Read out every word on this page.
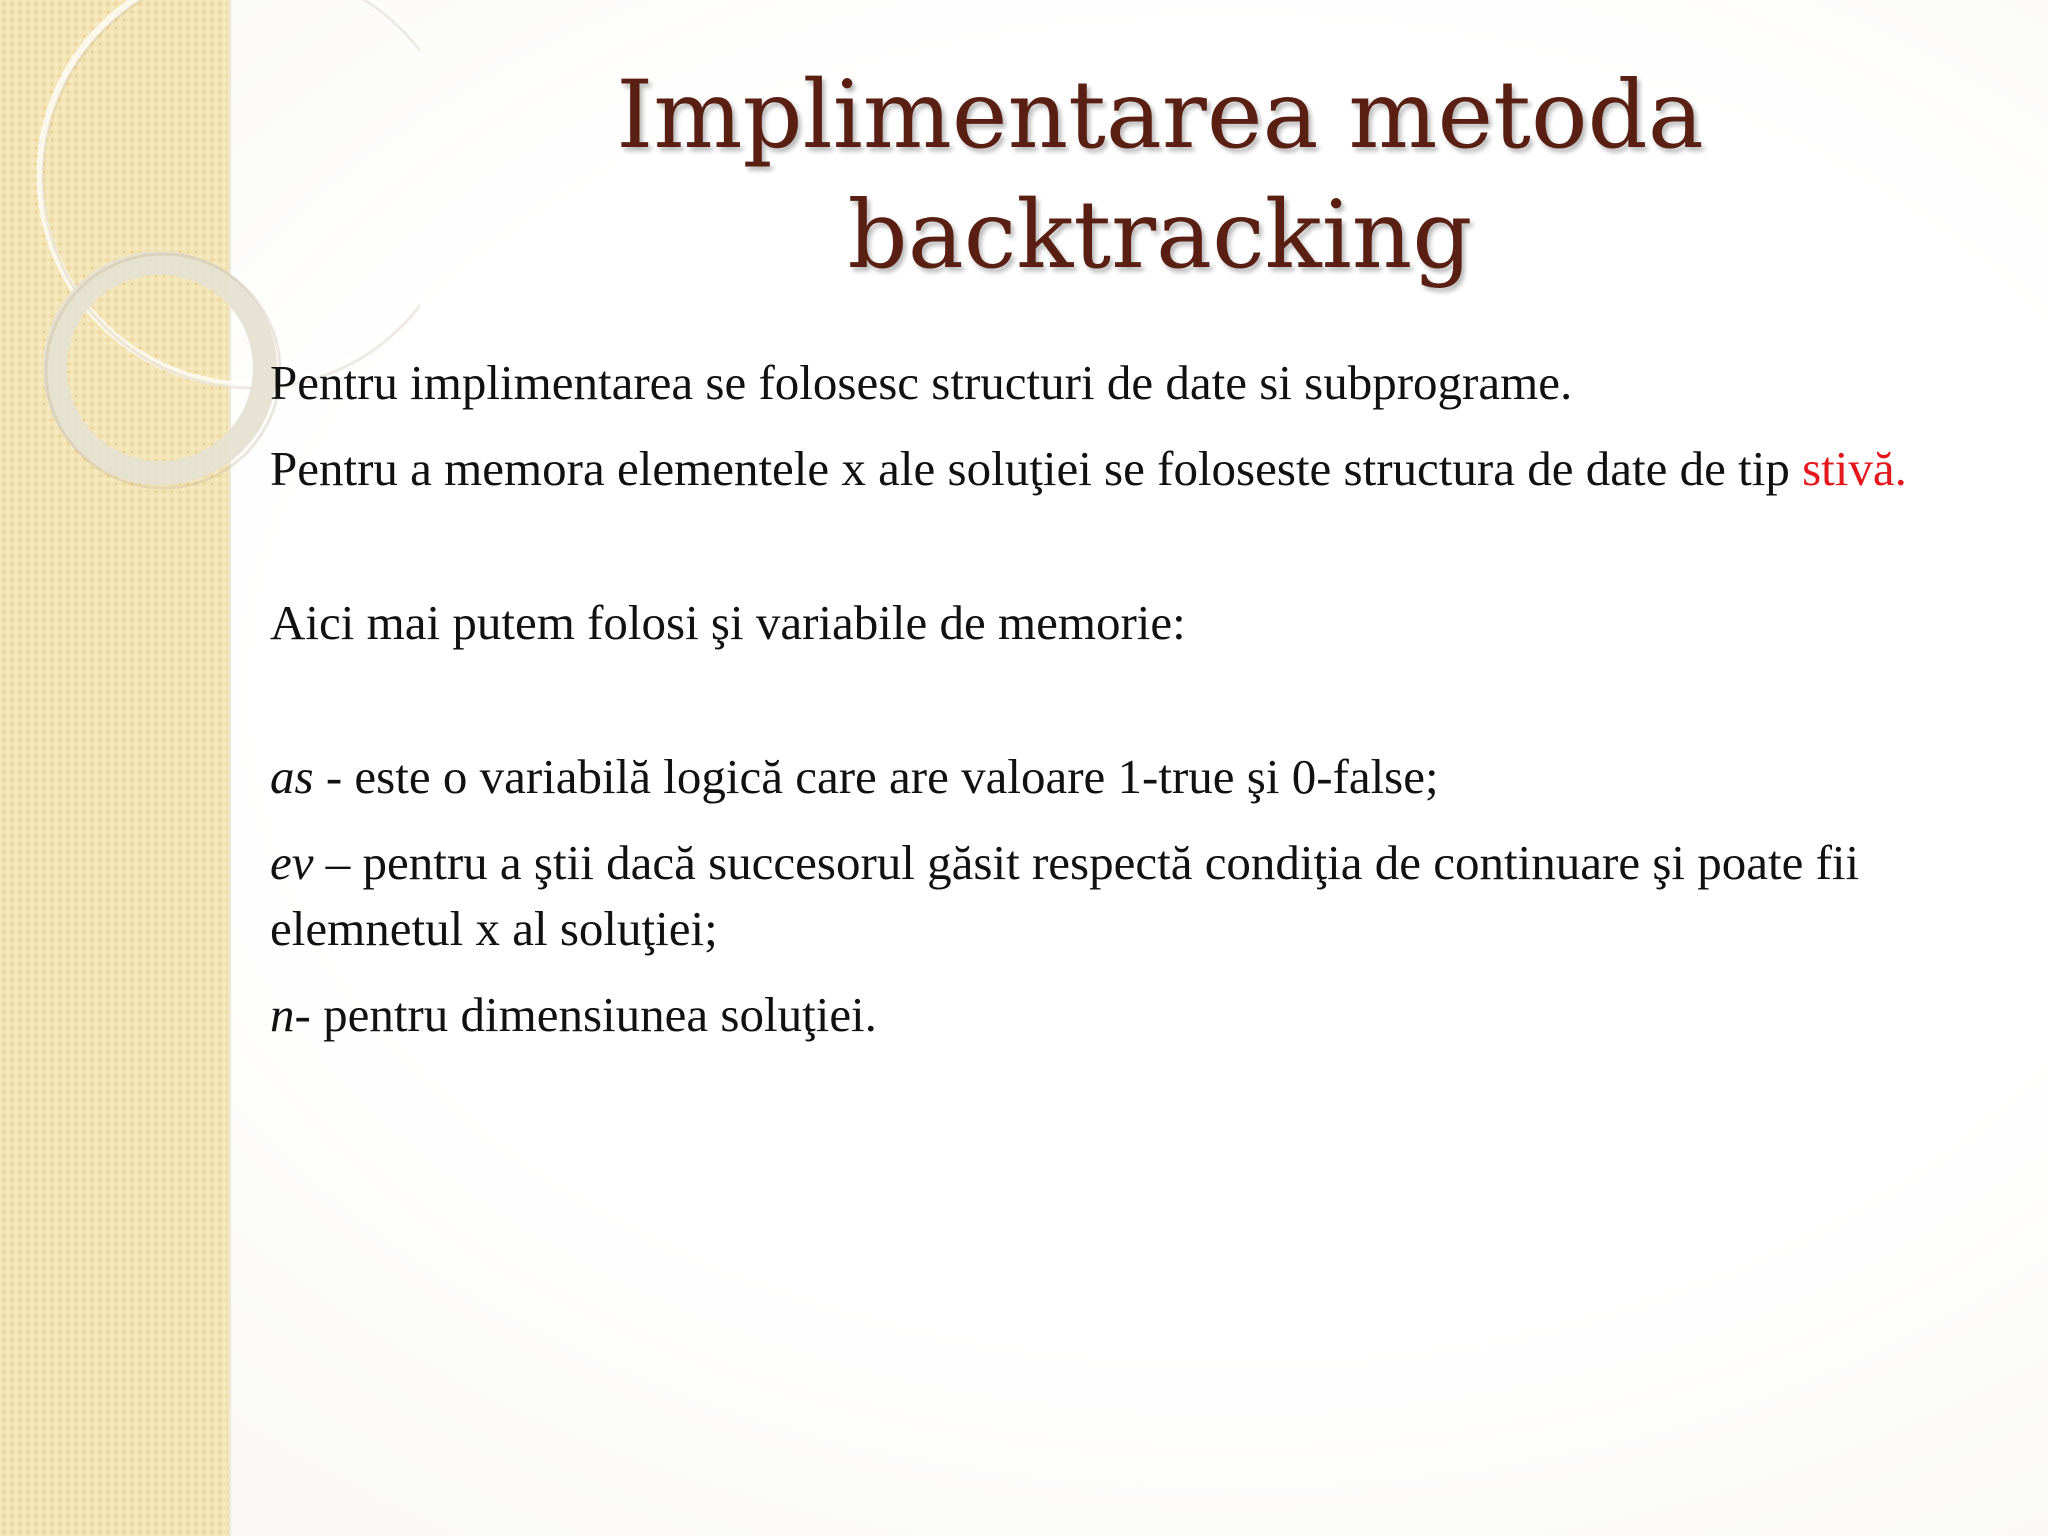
Implimentarea metoda
backtracking

Pentru implimentarea se folosesc structuri de date si subprograme.

Pentru a memora elementele x ale soluţiei se foloseste structura de date de tip stivă.

Aici mai putem folosi şi variabile de memorie:

as - este o variabilă logică care are valoare 1-true şi 0-false;

ev – pentru a ştii dacă succesorul găsit respectă condiţia de continuare şi poate fii elemnetul x al soluţiei;

n- pentru dimensiunea soluţiei.
